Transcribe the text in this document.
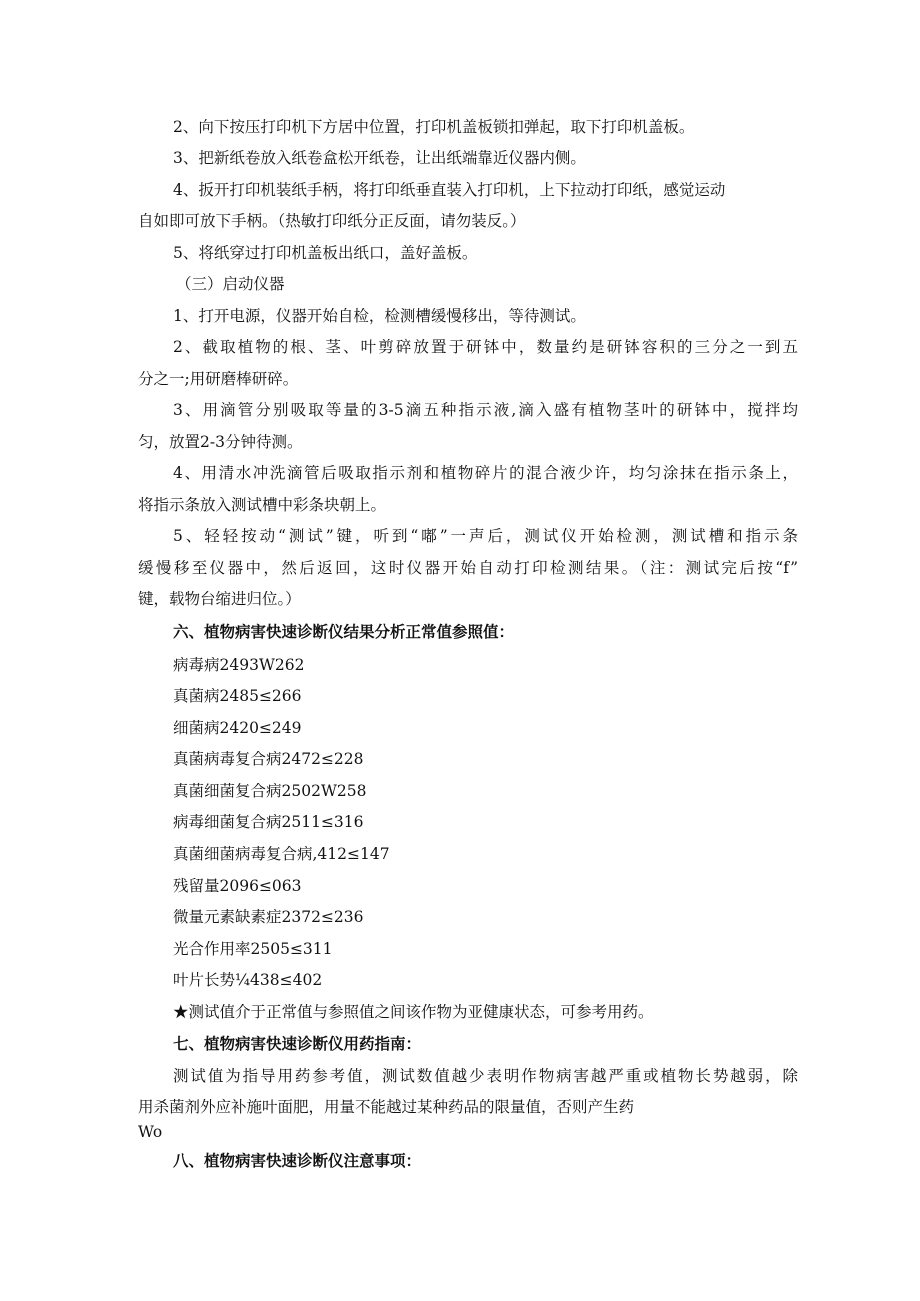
2、向下按压打印机下方居中位置，打印机盖板锁扣弹起，取下打印机盖板。
3、把新纸卷放入纸卷盒松开纸卷，让出纸端靠近仪器内侧。
4、扳开打印机装纸手柄，将打印纸垂直装入打印机，上下拉动打印纸，感觉运动
自如即可放下手柄。（热敏打印纸分正反面，请勿装反。）
5、将纸穿过打印机盖板出纸口，盖好盖板。
（三）启动仪器
1、打开电源，仪器开始自检，检测槽缓慢移出，等待测试。
2、截取植物的根、茎、叶剪碎放置于研钵中，数量约是研钵容积的三分之一到五
分之一;用研磨棒研碎。
3、用滴管分别吸取等量的3-5滴五种指示液,滴入盛有植物茎叶的研钵中，搅拌均
匀，放置2-3分钟待测。
4、用清水冲洗滴管后吸取指示剂和植物碎片的混合液少许，均匀涂抹在指示条上，
将指示条放入测试槽中彩条块朝上。
5、轻轻按动“测试”键，听到“嘟”一声后，测试仪开始检测，测试槽和指示条
缓慢移至仪器中，然后返回，这时仪器开始自动打印检测结果。（注：测试完后按“f”
键，载物台缩进归位。）
六、植物病害快速诊断仪结果分析正常值参照值：
病毒病2493W262
真菌病2485≤266
细菌病2420≤249
真菌病毒复合病2472≤228
真菌细菌复合病2502W258
病毒细菌复合病2511≤316
真菌细菌病毒复合病,412≤147
残留量2096≤063
微量元素缺素症2372≤236
光合作用率2505≤311
叶片长势¼438≤402
★测试值介于正常值与参照值之间该作物为亚健康状态，可参考用药。
七、植物病害快速诊断仪用药指南：
测试值为指导用药参考值，测试数值越少表明作物病害越严重或植物长势越弱，除
用杀菌剂外应补施叶面肥，用量不能越过某种药品的限量值，否则产生药
Wo
八、植物病害快速诊断仪注意事项：
